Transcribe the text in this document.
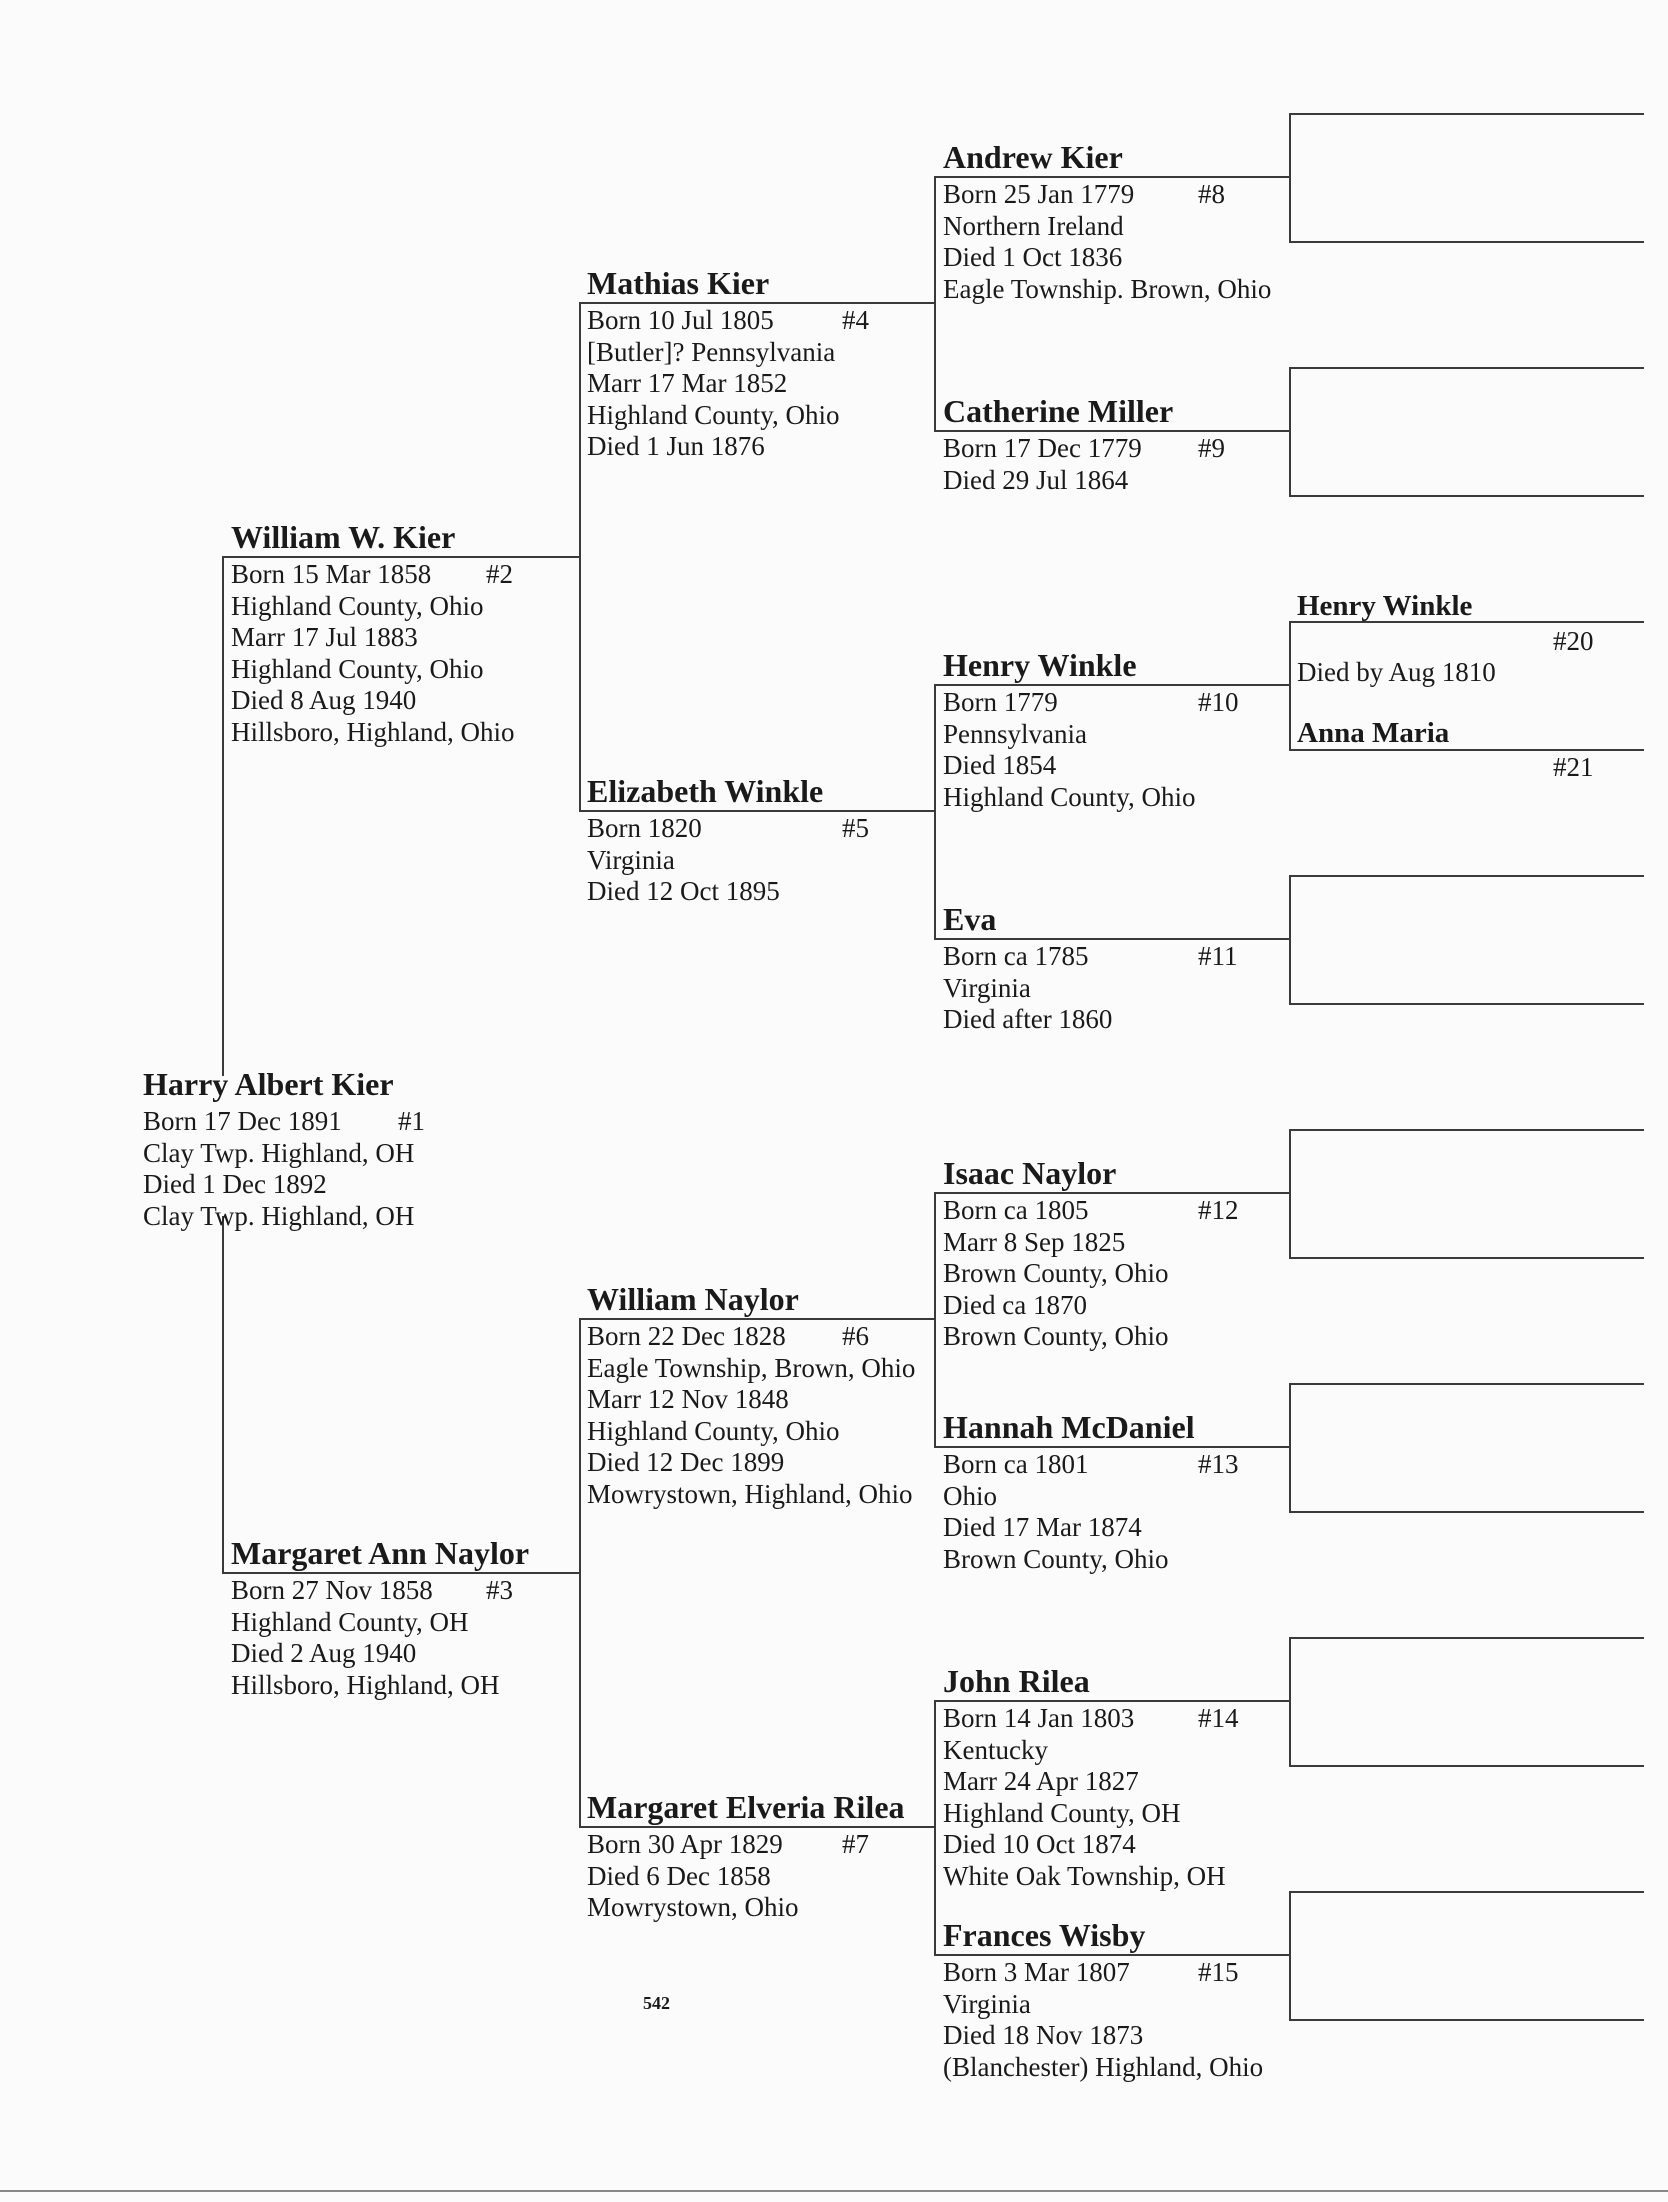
Harry Albert Kier
Born 17 Dec 1891
Clay Twp. Highland, OH
Died 1 Dec 1892
Clay Twp. Highland, OH
#1
William W. Kier
Born 15 Mar 1858
Highland County, Ohio
Marr 17 Jul 1883
Highland County, Ohio
Died 8 Aug 1940
Hillsboro, Highland, Ohio
#2
Margaret Ann Naylor
Born 27 Nov 1858
Highland County, OH
Died 2 Aug 1940
Hillsboro, Highland, OH
#3
Mathias Kier
Born 10 Jul 1805
[Butler]? Pennsylvania
Marr 17 Mar 1852
Highland County, Ohio
Died 1 Jun 1876
#4
Elizabeth Winkle
Born 1820
Virginia
Died 12 Oct 1895
#5
William Naylor
Born 22 Dec 1828
Eagle Township, Brown, Ohio
Marr 12 Nov 1848
Highland County, Ohio
Died 12 Dec 1899
Mowrystown, Highland, Ohio
#6
Margaret Elveria Rilea
Born 30 Apr 1829
Died 6 Dec 1858
Mowrystown, Ohio
#7
Andrew Kier
Born 25 Jan 1779
Northern Ireland
Died 1 Oct 1836
Eagle Township. Brown, Ohio
#8
Catherine Miller
Born 17 Dec 1779
Died 29 Jul 1864
#9
Henry Winkle
Born 1779
Pennsylvania
Died 1854
Highland County, Ohio
#10
Eva
Born ca 1785
Virginia
Died after 1860
#11
Isaac Naylor
Born ca 1805
Marr 8 Sep 1825
Brown County, Ohio
Died ca 1870
Brown County, Ohio
#12
Hannah McDaniel
Born ca 1801
Ohio
Died 17 Mar 1874
Brown County, Ohio
#13
John Rilea
Born 14 Jan 1803
Kentucky
Marr 24 Apr 1827
Highland County, OH
Died 10 Oct 1874
White Oak Township, OH
#14
Frances Wisby
Born 3 Mar 1807
Virginia
Died 18 Nov 1873
(Blanchester) Highland, Ohio
#15
Henry Winkle
#20
Died by Aug 1810
Anna Maria
#21
542
